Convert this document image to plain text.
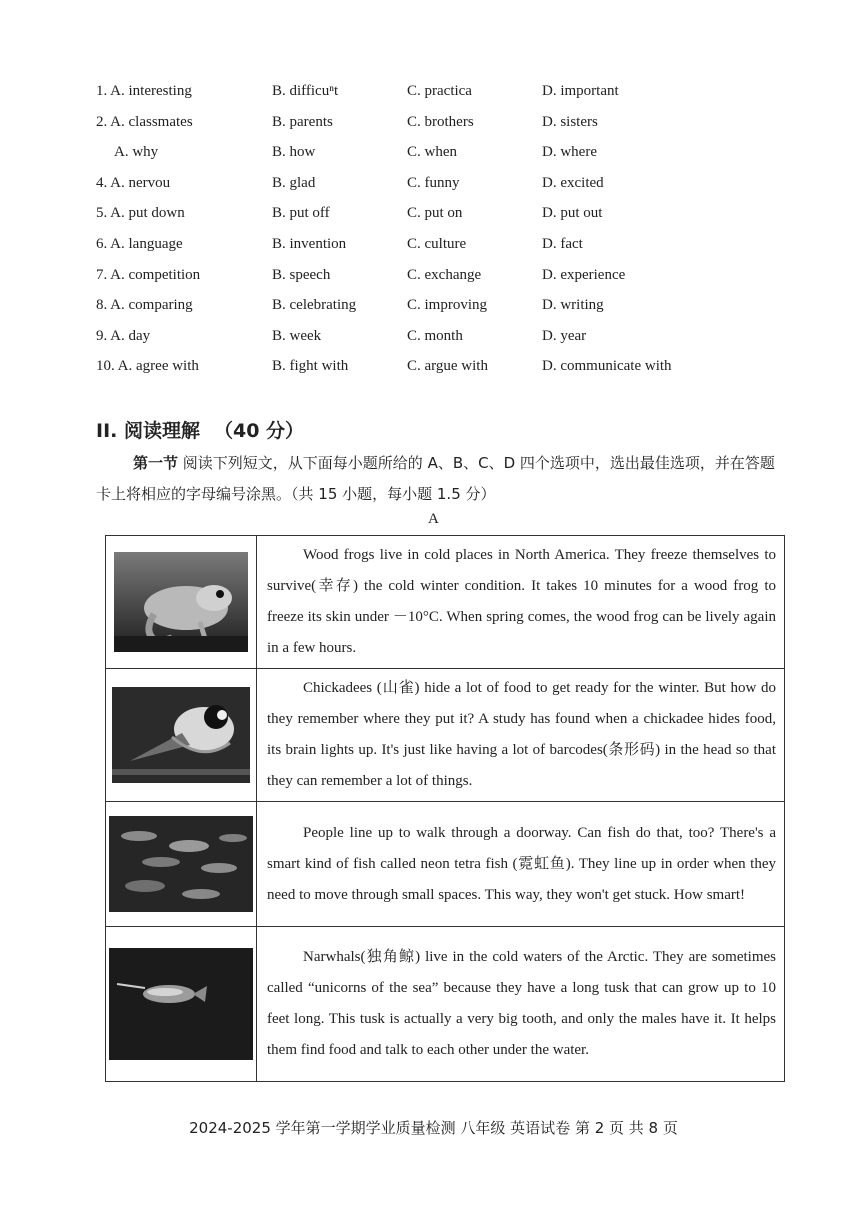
1. A. interesting	B. difficuⁿt	C. practica	D. important
2. A. classmates	B. parents	C. brothers	D. sisters
A. why	B. how	C. when	D. where
4. A. nervou	B. glad	C. funny	D. excited
5. A. put down	B. put off	C. put on	D. put out
6. A. language	B. invention	C. culture	D. fact
7. A. competition	B. speech	C. exchange	D. experience
8. A. comparing	B. celebrating	C. improving	D. writing
9. A. day	B. week	C. month	D. year
10. A. agree with	B. fight with	C. argue with	D. communicate with
II. 阅读理解 （40 分）
第一节 阅读下列短文，从下面每小题所给的 A、B、C、D 四个选项中，选出最佳选项，并在答题卡上将相应的字母编号涂黑。（共 15 小题，每小题 1.5 分）
A
	Wood frogs live in cold places in North America. They freeze themselves to survive(幸存) the cold winter condition. It takes 10 minutes for a wood frog to freeze its skin under －10°C. When spring comes, the wood frog can be lively again in a few hours.

	Chickadees (山雀) hide a lot of food to get ready for the winter. But how do they remember where they put it? A study has found when a chickadee hides food, its brain lights up. It's just like having a lot of barcodes(条形码) in the head so that they can remember a lot of things.

	People line up to walk through a doorway. Can fish do that, too? There's a smart kind of fish called neon tetra fish (霓虹鱼). They line up in order when they need to move through small spaces. This way, they won't get stuck. How smart!

	Narwhals(独角鲸) live in the cold waters of the Arctic. They are sometimes called “unicorns of the sea” because they have a long tusk that can grow up to 10 feet long. This tusk is actually a very big tooth, and only the males have it. It helps them find food and talk to each other under the water.
2024-2025 学年第一学期学业质量检测 八年级 英语试卷 第 2 页 共 8 页
